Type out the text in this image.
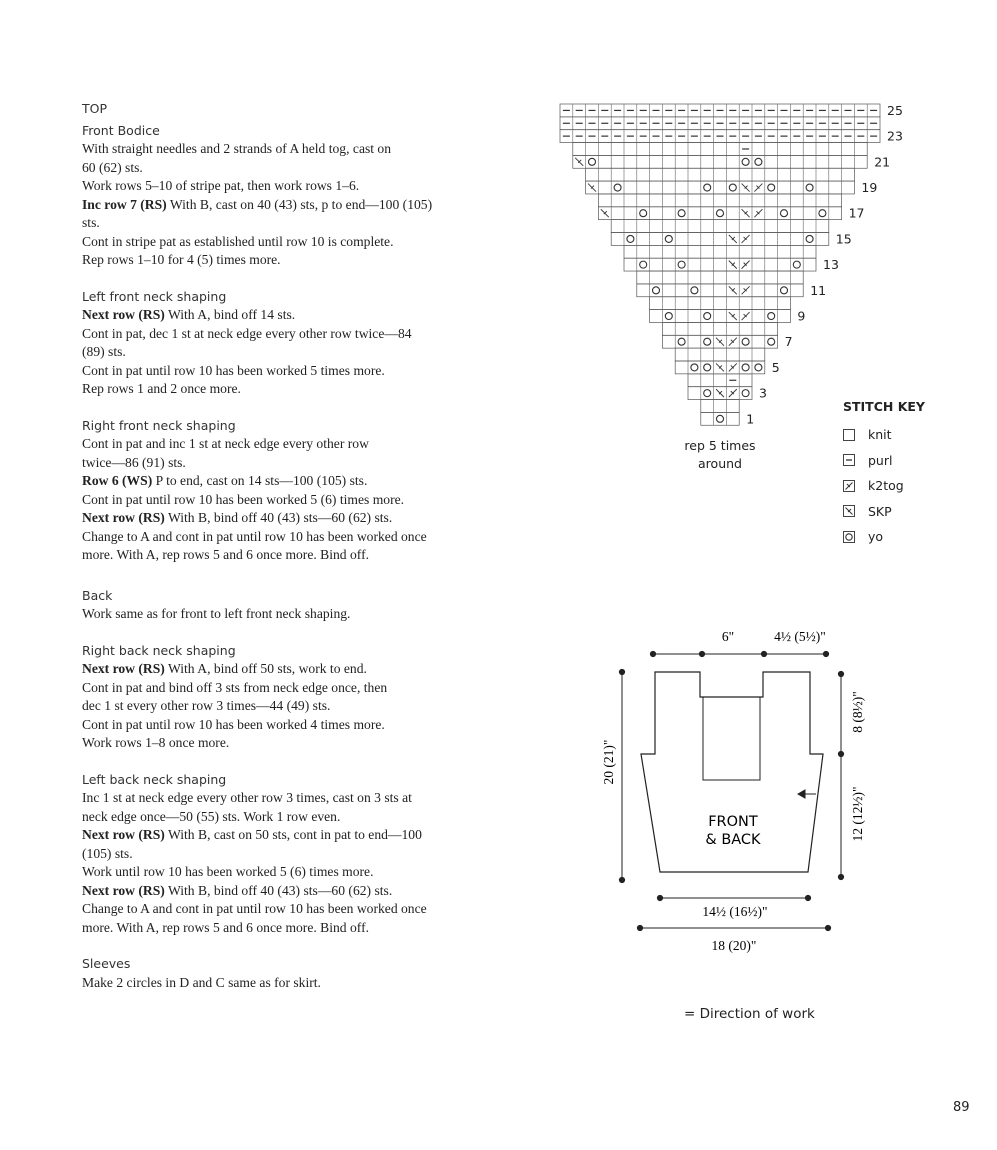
TOP
Front Bodice
With straight needles and 2 strands of A held tog, cast on
60 (62) sts.
Work rows 5–10 of stripe pat, then work rows 1–6.
Inc row 7 (RS) With B, cast on 40 (43) sts, p to end—100 (105)
sts.
Cont in stripe pat as established until row 10 is complete.
Rep rows 1–10 for 4 (5) times more.
Left front neck shaping
Next row (RS) With A, bind off 14 sts.
Cont in pat, dec 1 st at neck edge every other row twice—84
(89) sts.
Cont in pat until row 10 has been worked 5 times more.
Rep rows 1 and 2 once more.
Right front neck shaping
Cont in pat and inc 1 st at neck edge every other row
twice—86 (91) sts.
Row 6 (WS) P to end, cast on 14 sts—100 (105) sts.
Cont in pat until row 10 has been worked 5 (6) times more.
Next row (RS) With B, bind off 40 (43) sts—60 (62) sts.
Change to A and cont in pat until row 10 has been worked once
more. With A, rep rows 5 and 6 once more. Bind off.
Back
Work same as for front to left front neck shaping.
Right back neck shaping
Next row (RS) With A, bind off 50 sts, work to end.
Cont in pat and bind off 3 sts from neck edge once, then
dec 1 st every other row 3 times—44 (49) sts.
Cont in pat until row 10 has been worked 4 times more.
Work rows 1–8 once more.
Left back neck shaping
Inc 1 st at neck edge every other row 3 times, cast on 3 sts at
neck edge once—50 (55) sts. Work 1 row even.
Next row (RS) With B, cast on 50 sts, cont in pat to end—100
(105) sts.
Work until row 10 has been worked 5 (6) times more.
Next row (RS) With B, bind off 40 (43) sts—60 (62) sts.
Change to A and cont in pat until row 10 has been worked once
more. With A, rep rows 5 and 6 once more. Bind off.
Sleeves
Make 2 circles in D and C same as for skirt.
25
23
21
19
17
15
13
11
9
7
5
3
1
rep 5 times
around
STITCH KEY
knit
purl
k2tog
SKP
yo
6"	4½ (5½)"
20 (21)"
8 (8½)"
12 (12½)"
FRONT
& BACK
14½ (16½)"
18 (20)"
= Direction of work
89
